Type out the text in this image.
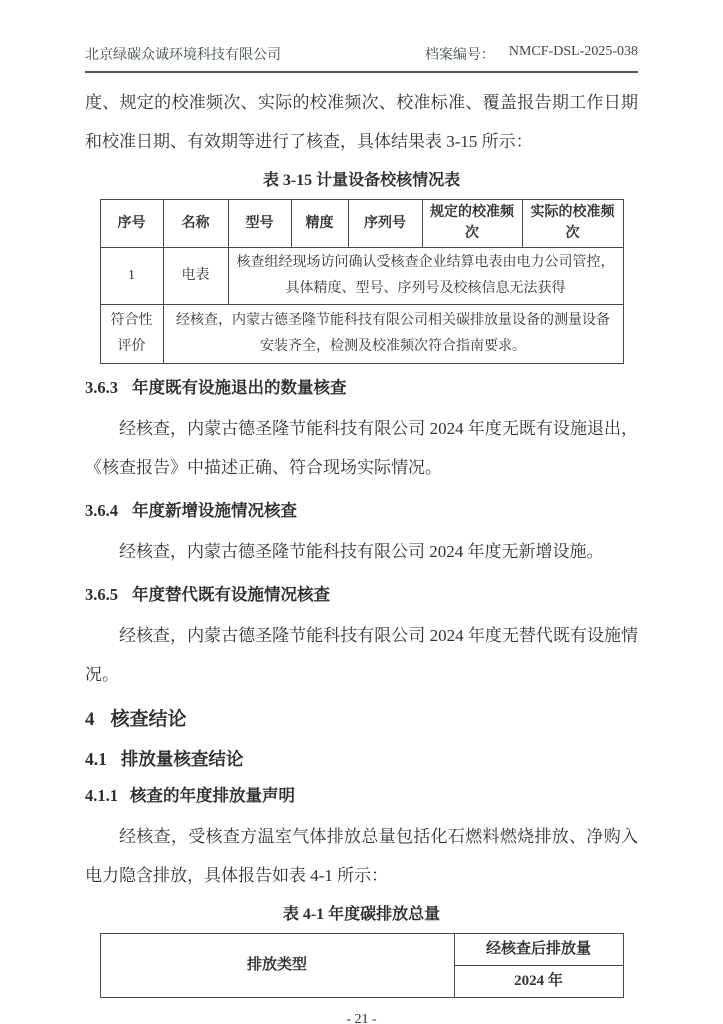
北京绿碳众诚环境科技有限公司	档案编号： NMCF-DSL-2025-038

度、规定的校准频次、实际的校准频次、校准标准、覆盖报告期工作日期和校准日期、有效期等进行了核查，具体结果表 3-15 所示：

表 3-15 计量设备校核情况表
序号	名称	型号	精度	序列号	规定的校准频次	实际的校准频次
1	电表	核查组经现场访问确认受核查企业结算电表由电力公司管控，具体精度、型号、序列号及校核信息无法获得				
符合性评价	经核查，内蒙古德圣隆节能科技有限公司相关碳排放量设备的测量设备安装齐全，检测及校准频次符合指南要求。					
3.6.3 年度既有设施退出的数量核查

经核查，内蒙古德圣隆节能科技有限公司 2024 年度无既有设施退出，《核查报告》中描述正确、符合现场实际情况。

3.6.4 年度新增设施情况核查

经核查，内蒙古德圣隆节能科技有限公司 2024 年度无新增设施。

3.6.5 年度替代既有设施情况核查

经核查，内蒙古德圣隆节能科技有限公司 2024 年度无替代既有设施情况。

4 核查结论
4.1 排放量核查结论
4.1.1 核查的年度排放量声明

经核查，受核查方温室气体排放总量包括化石燃料燃烧排放、净购入电力隐含排放，具体报告如表 4-1 所示：

表 4-1 年度碳排放总量
排放类型	经核查后排放量
2024 年
- 21 -
